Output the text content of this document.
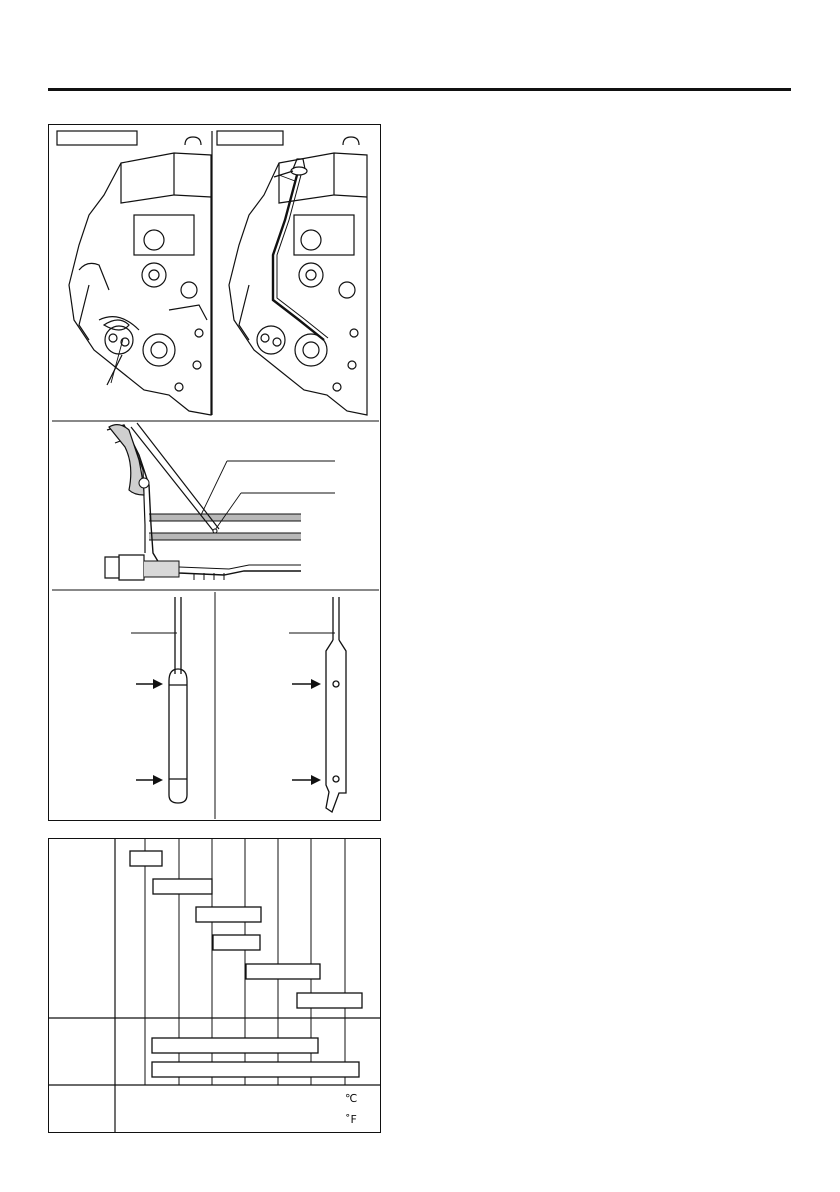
℃
˚F
